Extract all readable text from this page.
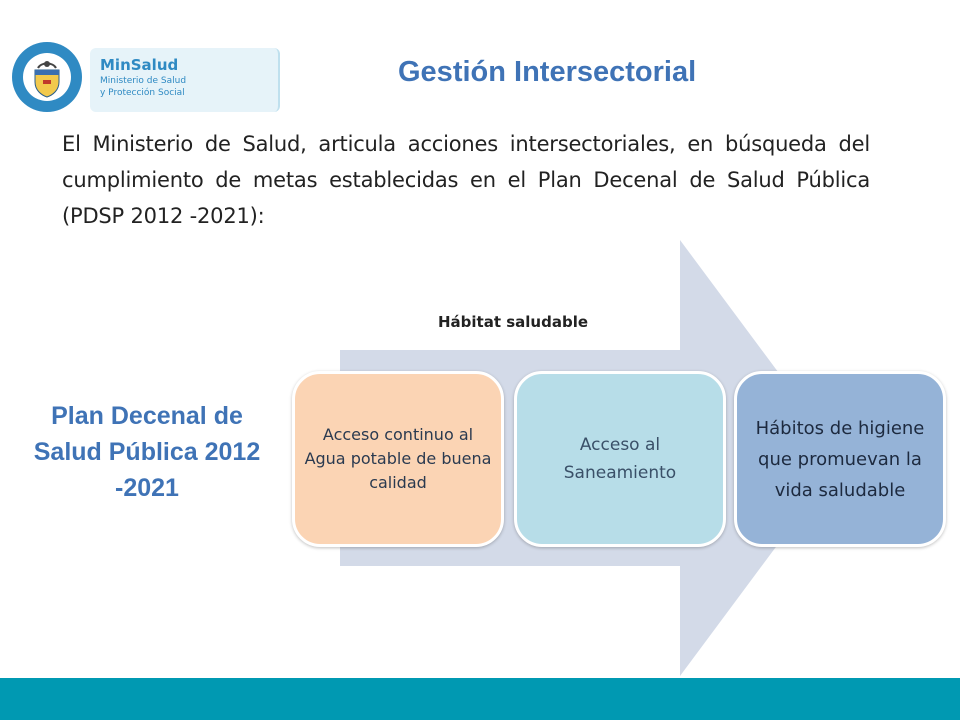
MinSalud
Ministerio de Salud
y Protección Social
Gestión Intersectorial
El Ministerio de Salud, articula acciones intersectoriales, en búsqueda del cumplimiento de metas establecidas en el Plan Decenal de Salud Pública (PDSP 2012 -2021):
Hábitat saludable
Plan Decenal de Salud Pública 2012 -2021
Acceso continuo al Agua potable de buena calidad
Acceso al Saneamiento
Hábitos de higiene que promuevan la vida saludable
